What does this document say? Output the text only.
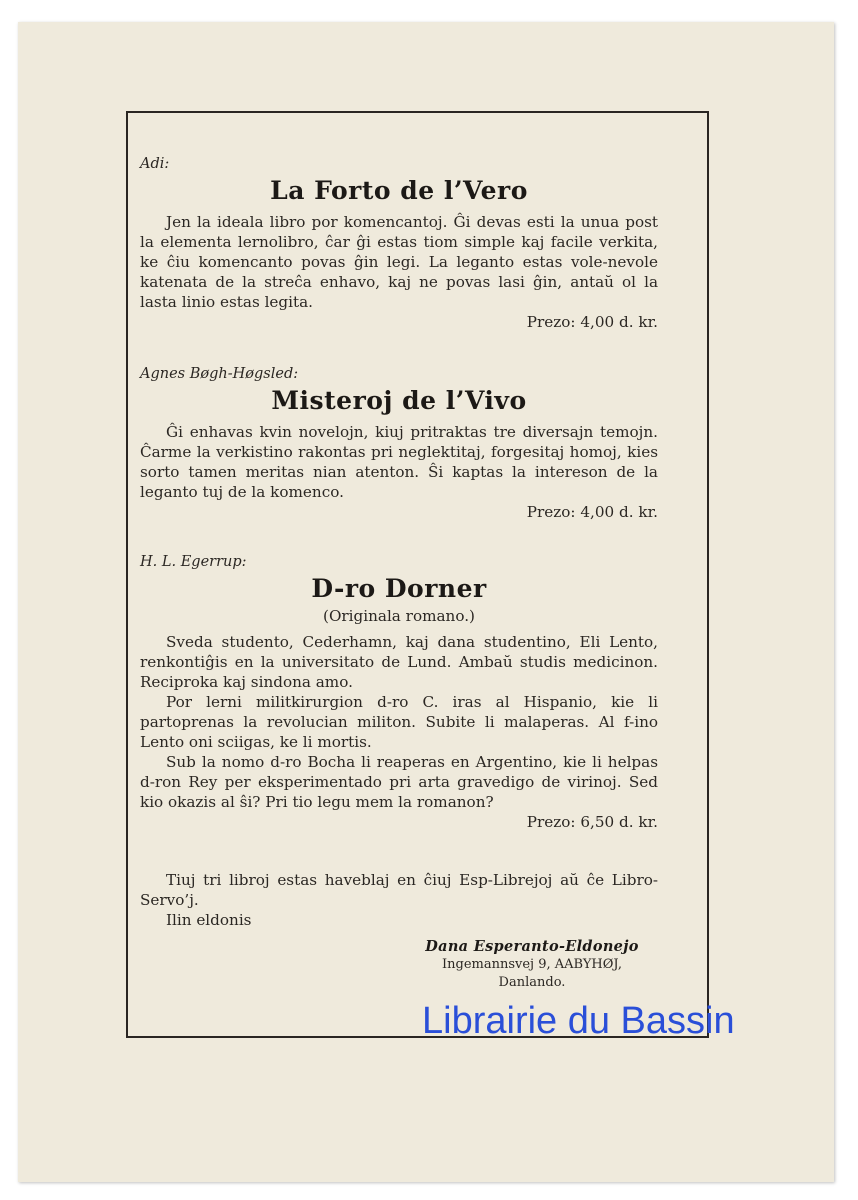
Adi:

La Forto de l’Vero

Jen la ideala libro por komencantoj. Ĝi devas esti la unua post la elementa lernolibro, ĉar ĝi estas tiom simple kaj facile verkita, ke ĉiu komencanto povas ĝin legi. La leganto estas vole-nevole katenata de la streĉa enhavo, kaj ne povas lasi ĝin, antaŭ ol la lasta linio estas legita.

Prezo: 4,00 d. kr.

Agnes Bøgh-Høgsled:

Misteroj de l’Vivo

Ĝi enhavas kvin novelojn, kiuj pritraktas tre diversajn temojn. Ĉarme la verkistino rakontas pri neglektitaj, forgesitaj homoj, kies sorto tamen meritas nian atenton. Ŝi kaptas la intereson de la leganto tuj de la komenco.

Prezo: 4,00 d. kr.

H. L. Egerrup:

D-ro Dorner

(Originala romano.)

Sveda studento, Cederhamn, kaj dana studentino, Eli Lento, renkontiĝis en la universitato de Lund. Ambaŭ studis medicinon. Reciproka kaj sindona amo.

Por lerni militkirurgion d-ro C. iras al Hispanio, kie li partoprenas la revolucian militon. Subite li malaperas. Al f-ino Lento oni sciigas, ke li mortis.

Sub la nomo d-ro Bocha li reaperas en Argentino, kie li helpas d-ron Rey per eksperimentado pri arta gravedigo de virinoj. Sed kio okazis al ŝi? Pri tio legu mem la romanon?

Prezo: 6,50 d. kr.

Tiuj tri libroj estas haveblaj en ĉiuj Esp-Librejoj aŭ ĉe Libro-Servo’j.

Ilin eldonis

Dana Esperanto-Eldonejo
Ingemannsvej 9, AABYHØJ,
Danlando.
Librairie du Bassin
